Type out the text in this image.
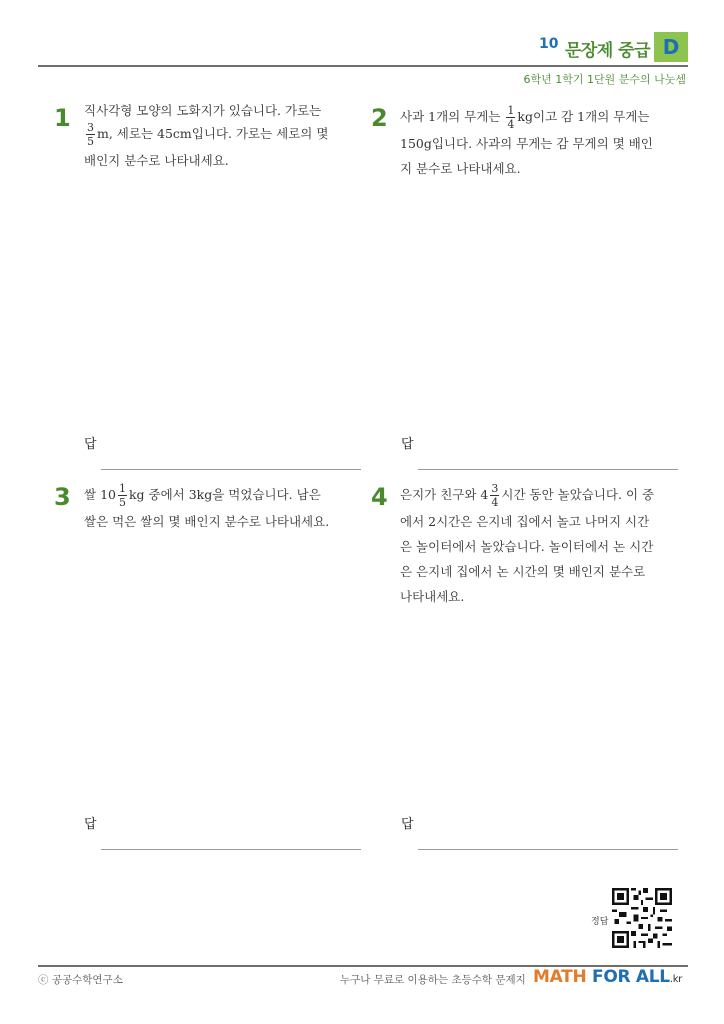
10 문장제 중급 D
6학년 1학기 1단원 분수의 나눗셈
1 직사각형 모양의 도화지가 있습니다. 가로는
$\frac{3}{5} m$, 세로는 45cm입니다. 가로는 세로의 몇
배인지 분수로 나타내세요.
답
2 사과 1개의 무게는 $\frac{1}{4}$ kg이고 감 1개의 무게는
150g입니다. 사과의 무게는 감 무게의 몇 배인
지 분수로 나타내세요.
답
3 쌀 $10 \frac{1}{5}$ kg 중에서 3kg을 먹었습니다. 남은
쌀은 먹은 쌀의 몇 배인지 분수로 나타내세요.
답
4 은지가 친구와 $4 \frac{3}{4}$ 시간 동안 놀았습니다. 이 중
에서 2시간은 은지네 집에서 놀고 나머지 시간
은 놀이터에서 놀았습니다. 놀이터에서 논 시간
은 은지네 집에서 논 시간의 몇 배인지 분수로
나타내세요.
답
정답
ⓒ 공공수학연구소	누구나 무료로 이용하는 초등수학 문제지 MATH FOR ALL.kr
